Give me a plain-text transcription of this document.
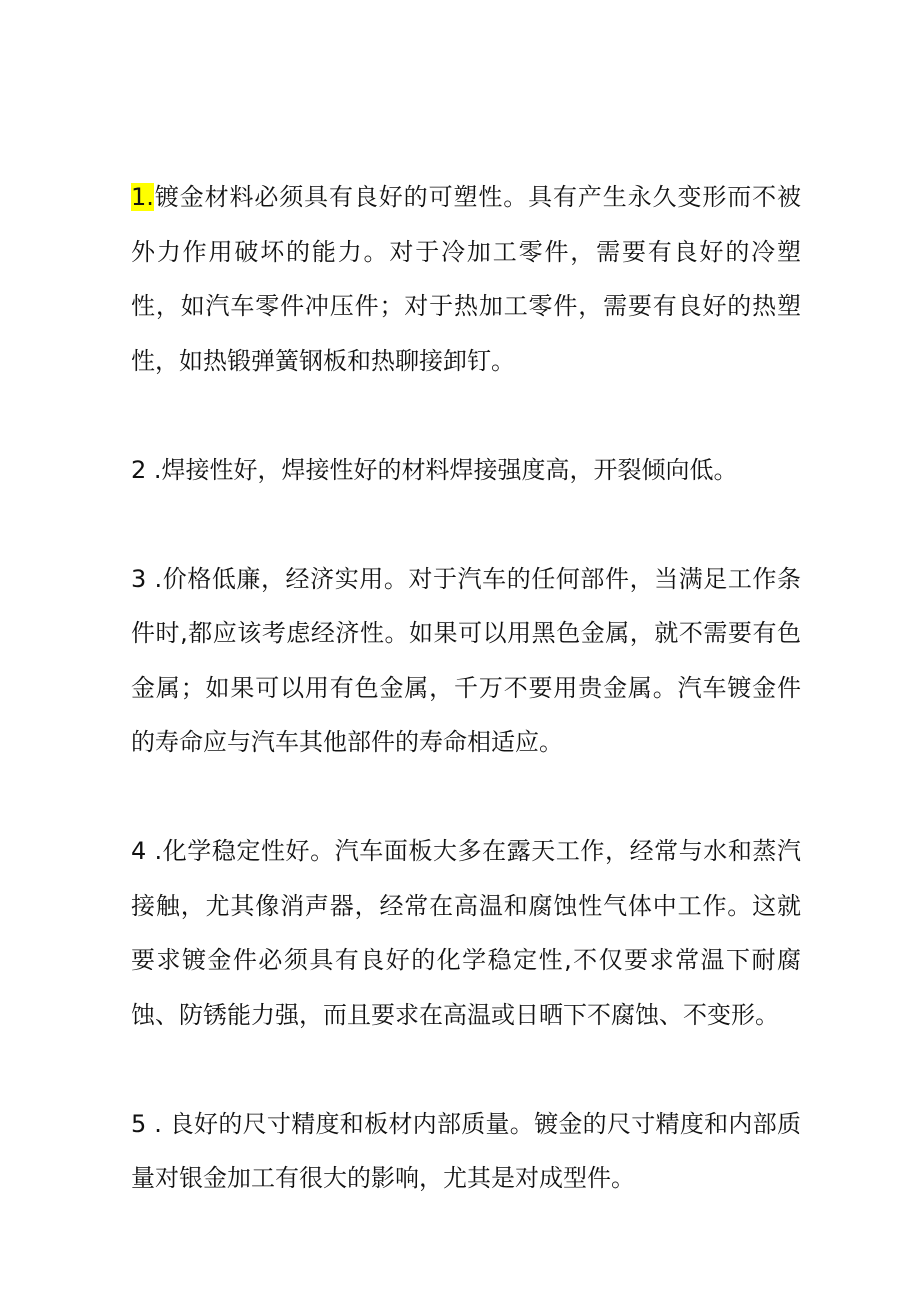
1.镀金材料必须具有良好的可塑性。具有产生永久变形而不被外力作用破坏的能力。对于冷加工零件，需要有良好的冷塑性，如汽车零件冲压件；对于热加工零件，需要有良好的热塑性，如热锻弹簧钢板和热聊接卸钉。

2 .焊接性好，焊接性好的材料焊接强度高，开裂倾向低。

3 .价格低廉，经济实用。对于汽车的任何部件，当满足工作条件时,都应该考虑经济性。如果可以用黑色金属，就不需要有色金属；如果可以用有色金属，千万不要用贵金属。汽车镀金件的寿命应与汽车其他部件的寿命相适应。

4 .化学稳定性好。汽车面板大多在露天工作，经常与水和蒸汽接触，尤其像消声器，经常在高温和腐蚀性气体中工作。这就要求镀金件必须具有良好的化学稳定性,不仅要求常温下耐腐蚀、防锈能力强，而且要求在高温或日晒下不腐蚀、不变形。

5 . 良好的尺寸精度和板材内部质量。镀金的尺寸精度和内部质量对银金加工有很大的影响，尤其是对成型件。
